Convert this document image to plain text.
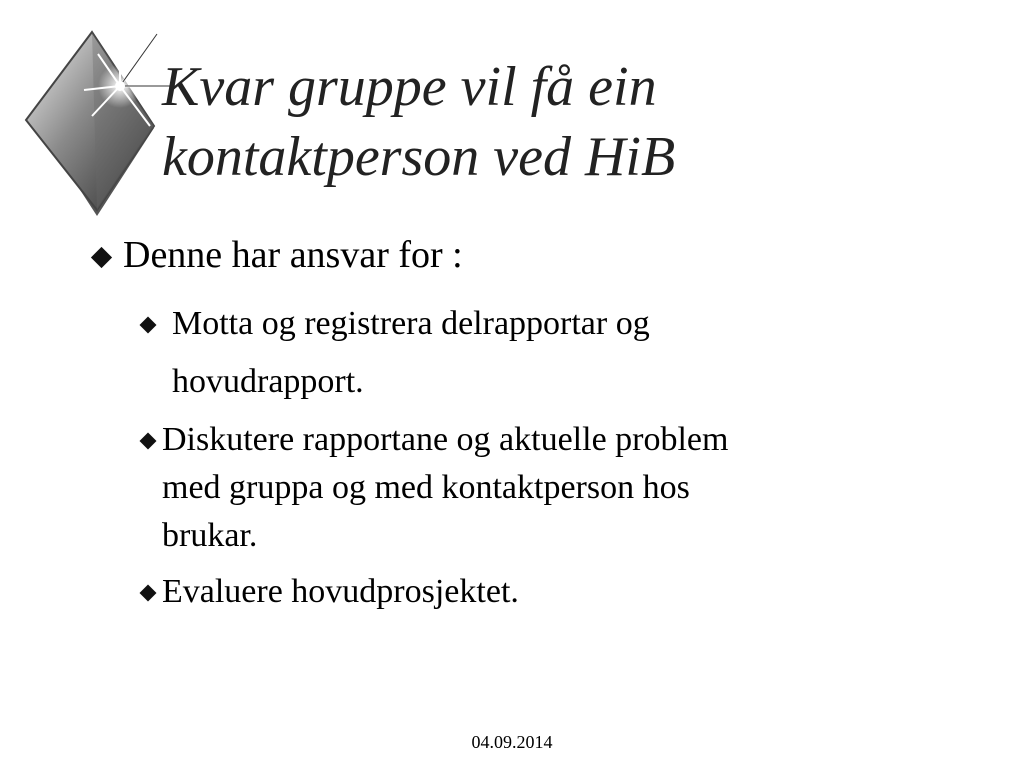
Kvar gruppe vil få ein
kontaktperson ved HiB
Denne har ansvar for :
Motta og registrera delrapportar og
hovudrapport.
Diskutere rapportane og aktuelle problem
med gruppa og med kontaktperson hos
brukar.
Evaluere hovudprosjektet.
04.09.2014
